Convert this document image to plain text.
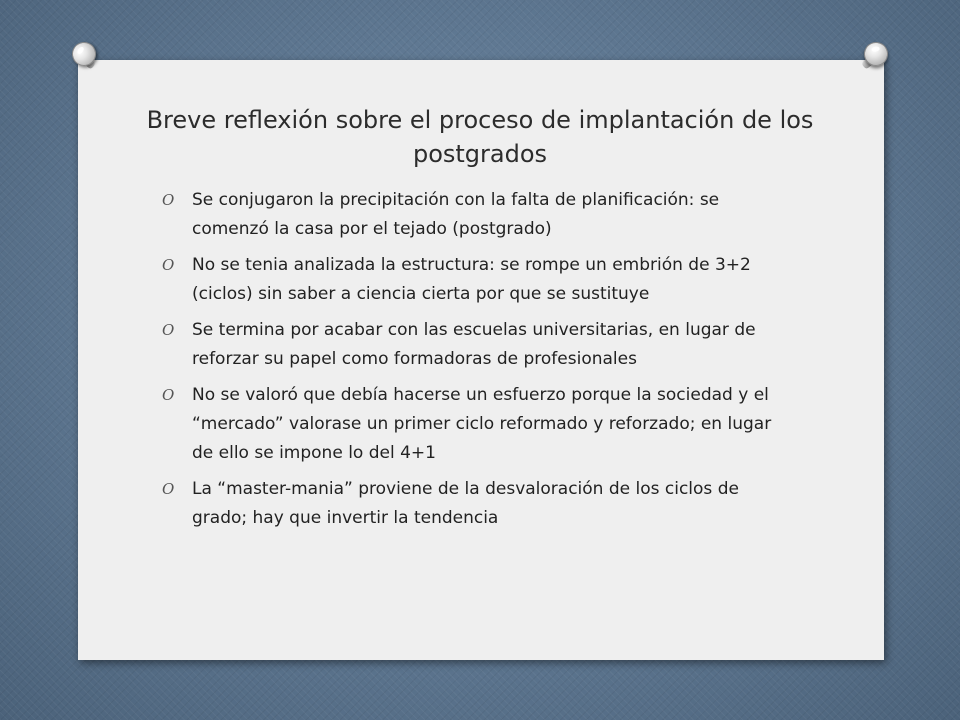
Breve reflexión sobre el proceso de implantación de los postgrados
O	Se conjugaron la precipitación con la falta de planificación: se comenzó la casa por el tejado (postgrado)
O	No se tenia analizada la estructura: se rompe un embrión de 3+2 (ciclos) sin saber a ciencia cierta por que se sustituye
O	Se termina por acabar con las escuelas universitarias, en lugar de reforzar su papel como formadoras de profesionales
O	No se valoró que debía hacerse un esfuerzo porque la sociedad y el “mercado” valorase un primer ciclo reformado y reforzado; en lugar de ello se impone lo del 4+1
O	La “master-mania” proviene de la desvaloración de los ciclos de grado; hay que invertir la tendencia
